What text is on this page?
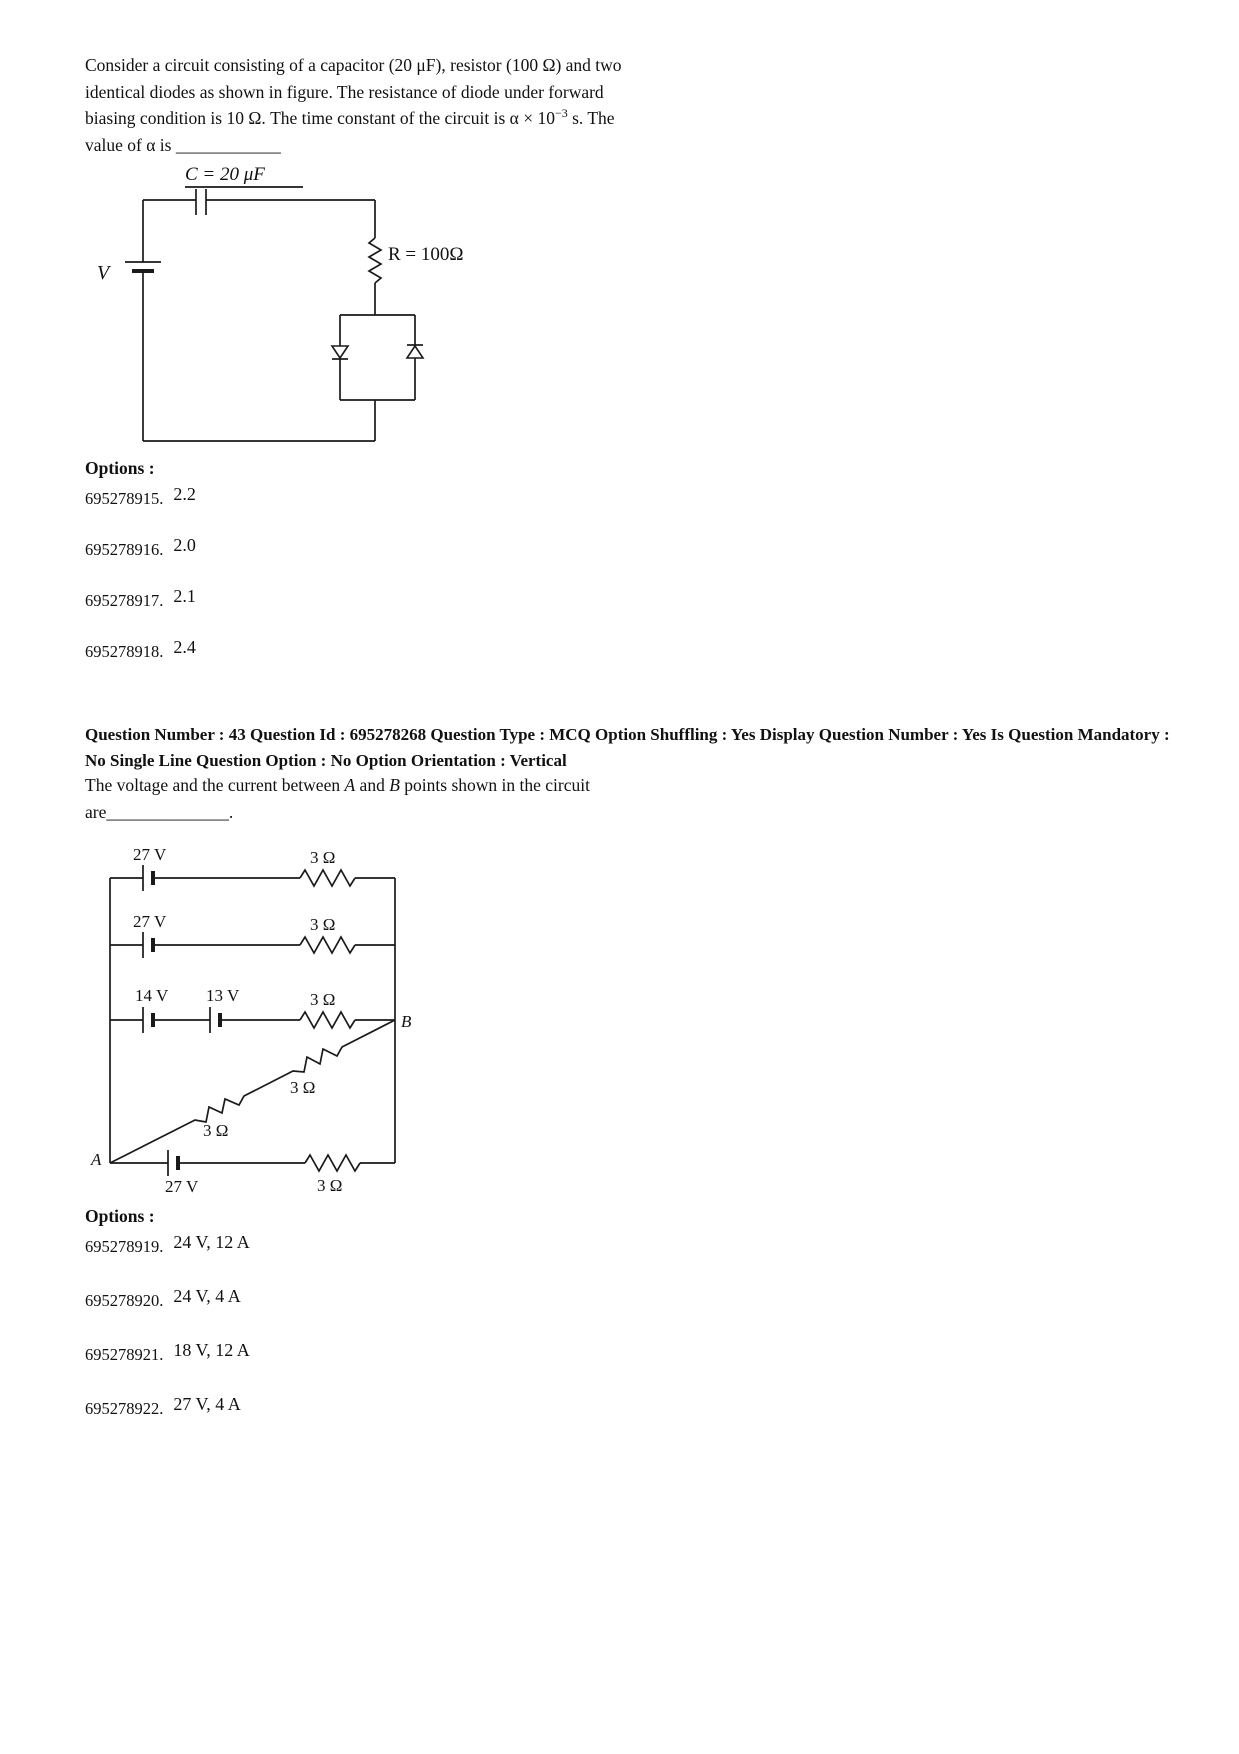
Consider a circuit consisting of a capacitor (20 μF), resistor (100 Ω) and two
identical diodes as shown in figure. The resistance of diode under forward
biasing condition is 10 Ω. The time constant of the circuit is $\alpha \times 10^{-3}$ s. The
value of α is ____________
C = 20 μF
V
R = 100Ω
Options :
695278915. 2.2
695278916. 2.0
695278917. 2.1
695278918. 2.4
Question Number : 43 Question Id : 695278268 Question Type : MCQ Option Shuffling : Yes Display Question Number : Yes Is Question Mandatory : No Single Line Question Option : No Option Orientation : Vertical
The voltage and the current between A and B points shown in the circuit
are______________.
27 V	3 Ω
27 V	3 Ω
14 V 13 V	3 Ω
B
3 Ω
3 Ω
A
27 V	3 Ω
Options :
695278919. 24 V, 12 A
695278920. 24 V, 4 A
695278921. 18 V, 12 A
695278922. 27 V, 4 A
